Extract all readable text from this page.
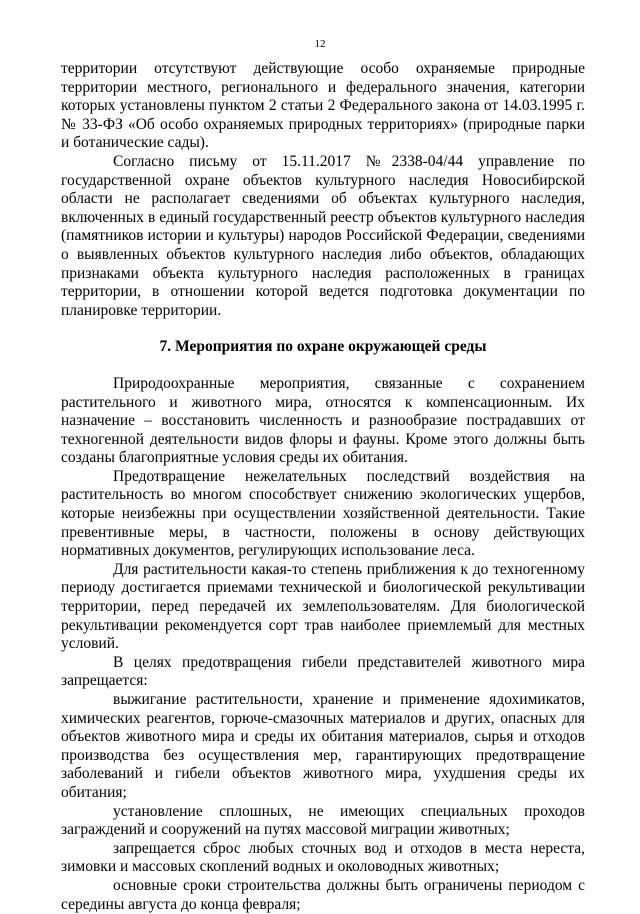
12

территории отсутствуют действующие особо охраняемые природные территории местного, регионального и федерального значения, категории которых установлены пунктом 2 статьи 2 Федерального закона от 14.03.1995 г. № 33-ФЗ «Об особо охраняемых природных территориях» (природные парки и ботанические сады).

Согласно письму от 15.11.2017 №2338-04/44 управление по государственной охране объектов культурного наследия Новосибирской области не располагает сведениями об объектах культурного наследия, включенных в единый государственный реестр объектов культурного наследия (памятников истории и культуры) народов Российской Федерации, сведениями о выявленных объектов культурного наследия либо объектов, обладающих признаками объекта культурного наследия расположенных в границах территории, в отношении которой ведется подготовка документации по планировке территории.

7. Мероприятия по охране окружающей среды

Природоохранные мероприятия, связанные с сохранением растительного и животного мира, относятся к компенсационным. Их назначение – восстановить численность и разнообразие пострадавших от техногенной деятельности видов флоры и фауны. Кроме этого должны быть созданы благоприятные условия среды их обитания.

Предотвращение нежелательных последствий воздействия на растительность во многом способствует снижению экологических ущербов, которые неизбежны при осуществлении хозяйственной деятельности. Такие превентивные меры, в частности, положены в основу действующих нормативных документов, регулирующих использование леса.

Для растительности какая-то степень приближения к до техногенному периоду достигается приемами технической и биологической рекультивации территории, перед передачей их землепользователям. Для биологической рекультивации рекомендуется сорт трав наиболее приемлемый для местных условий.

В целях предотвращения гибели представителей животного мира запрещается:

выжигание растительности, хранение и применение ядохимикатов, химических реагентов, горюче-смазочных материалов и других, опасных для объектов животного мира и среды их обитания материалов, сырья и отходов производства без осуществления мер, гарантирующих предотвращение заболеваний и гибели объектов животного мира, ухудшения среды их обитания;

установление сплошных, не имеющих специальных проходов заграждений и сооружений на путях массовой миграции животных;

запрещается сброс любых сточных вод и отходов в места нереста, зимовки и массовых скоплений водных и околоводных животных;

основные сроки строительства должны быть ограничены периодом с середины августа до конца февраля;
